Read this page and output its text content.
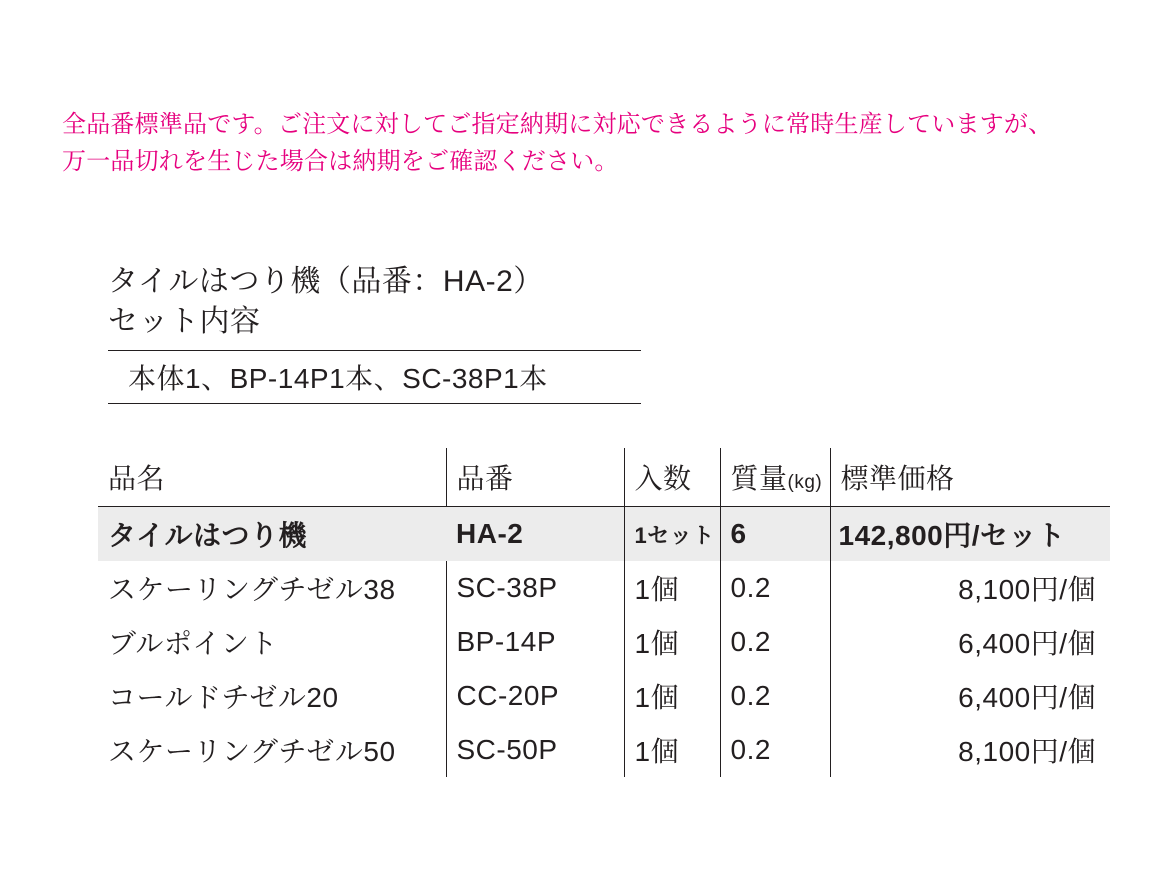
全品番標準品です。ご注文に対してご指定納期に対応できるように常時生産していますが、
万一品切れを生じた場合は納期をご確認ください。
タイルはつり機（品番：HA‑2）
セット内容
本体1、BP‑14P1本、SC‑38P1本
品名	品番	入数	質量(kg)	標準価格
タイルはつり機	HA‑2	1セット	6	142,800円/セット
スケーリングチゼル38	SC‑38P	1個	0.2	8,100円/個
ブルポイント	BP‑14P	1個	0.2	6,400円/個
コールドチゼル20	CC‑20P	1個	0.2	6,400円/個
スケーリングチゼル50	SC‑50P	1個	0.2	8,100円/個
